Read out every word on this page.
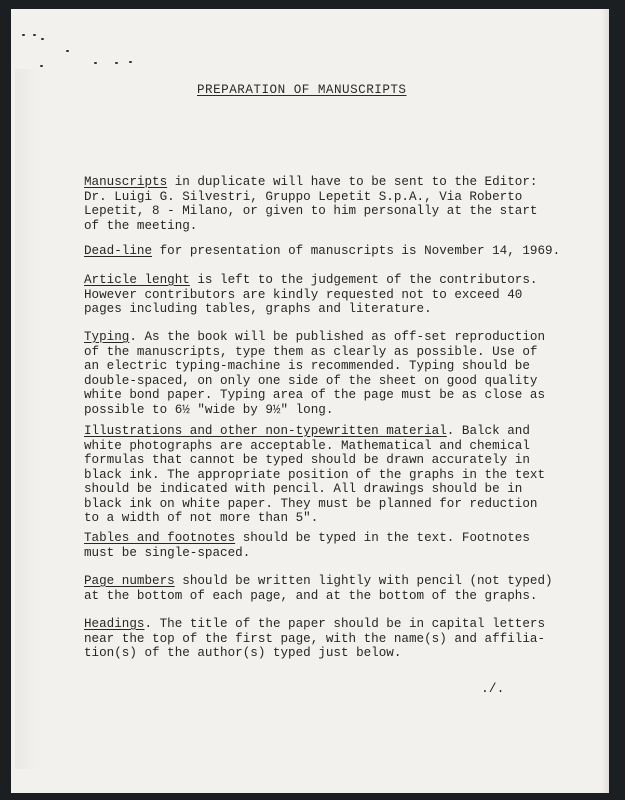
PREPARATION OF MANUSCRIPTS
Manuscripts in duplicate will have to be sent to the Editor:
Dr. Luigi G. Silvestri, Gruppo Lepetit S.p.A., Via Roberto
Lepetit, 8 - Milano, or given to him personally at the start
of the meeting.
Dead-line for presentation of manuscripts is November 14, 1969.
Article lenght is left to the judgement of the contributors.
However contributors are kindly requested not to exceed 40
pages including tables, graphs and literature.
Typing. As the book will be published as off-set reproduction
of the manuscripts, type them as clearly as possible. Use of
an electric typing-machine is recommended. Typing should be
double-spaced, on only one side of the sheet on good quality
white bond paper. Typing area of the page must be as close as
possible to 6½ "wide by 9½" long.
Illustrations and other non-typewritten material. Balck and
white photographs are acceptable. Mathematical and chemical
formulas that cannot be typed should be drawn accurately in
black ink. The appropriate position of the graphs in the text
should be indicated with pencil. All drawings should be in
black ink on white paper. They must be planned for reduction
to a width of not more than 5".
Tables and footnotes should be typed in the text. Footnotes
must be single-spaced.
Page numbers should be written lightly with pencil (not typed)
at the bottom of each page, and at the bottom of the graphs.
Headings. The title of the paper should be in capital letters
near the top of the first page, with the name(s) and affilia-
tion(s) of the author(s) typed just below.
./.
